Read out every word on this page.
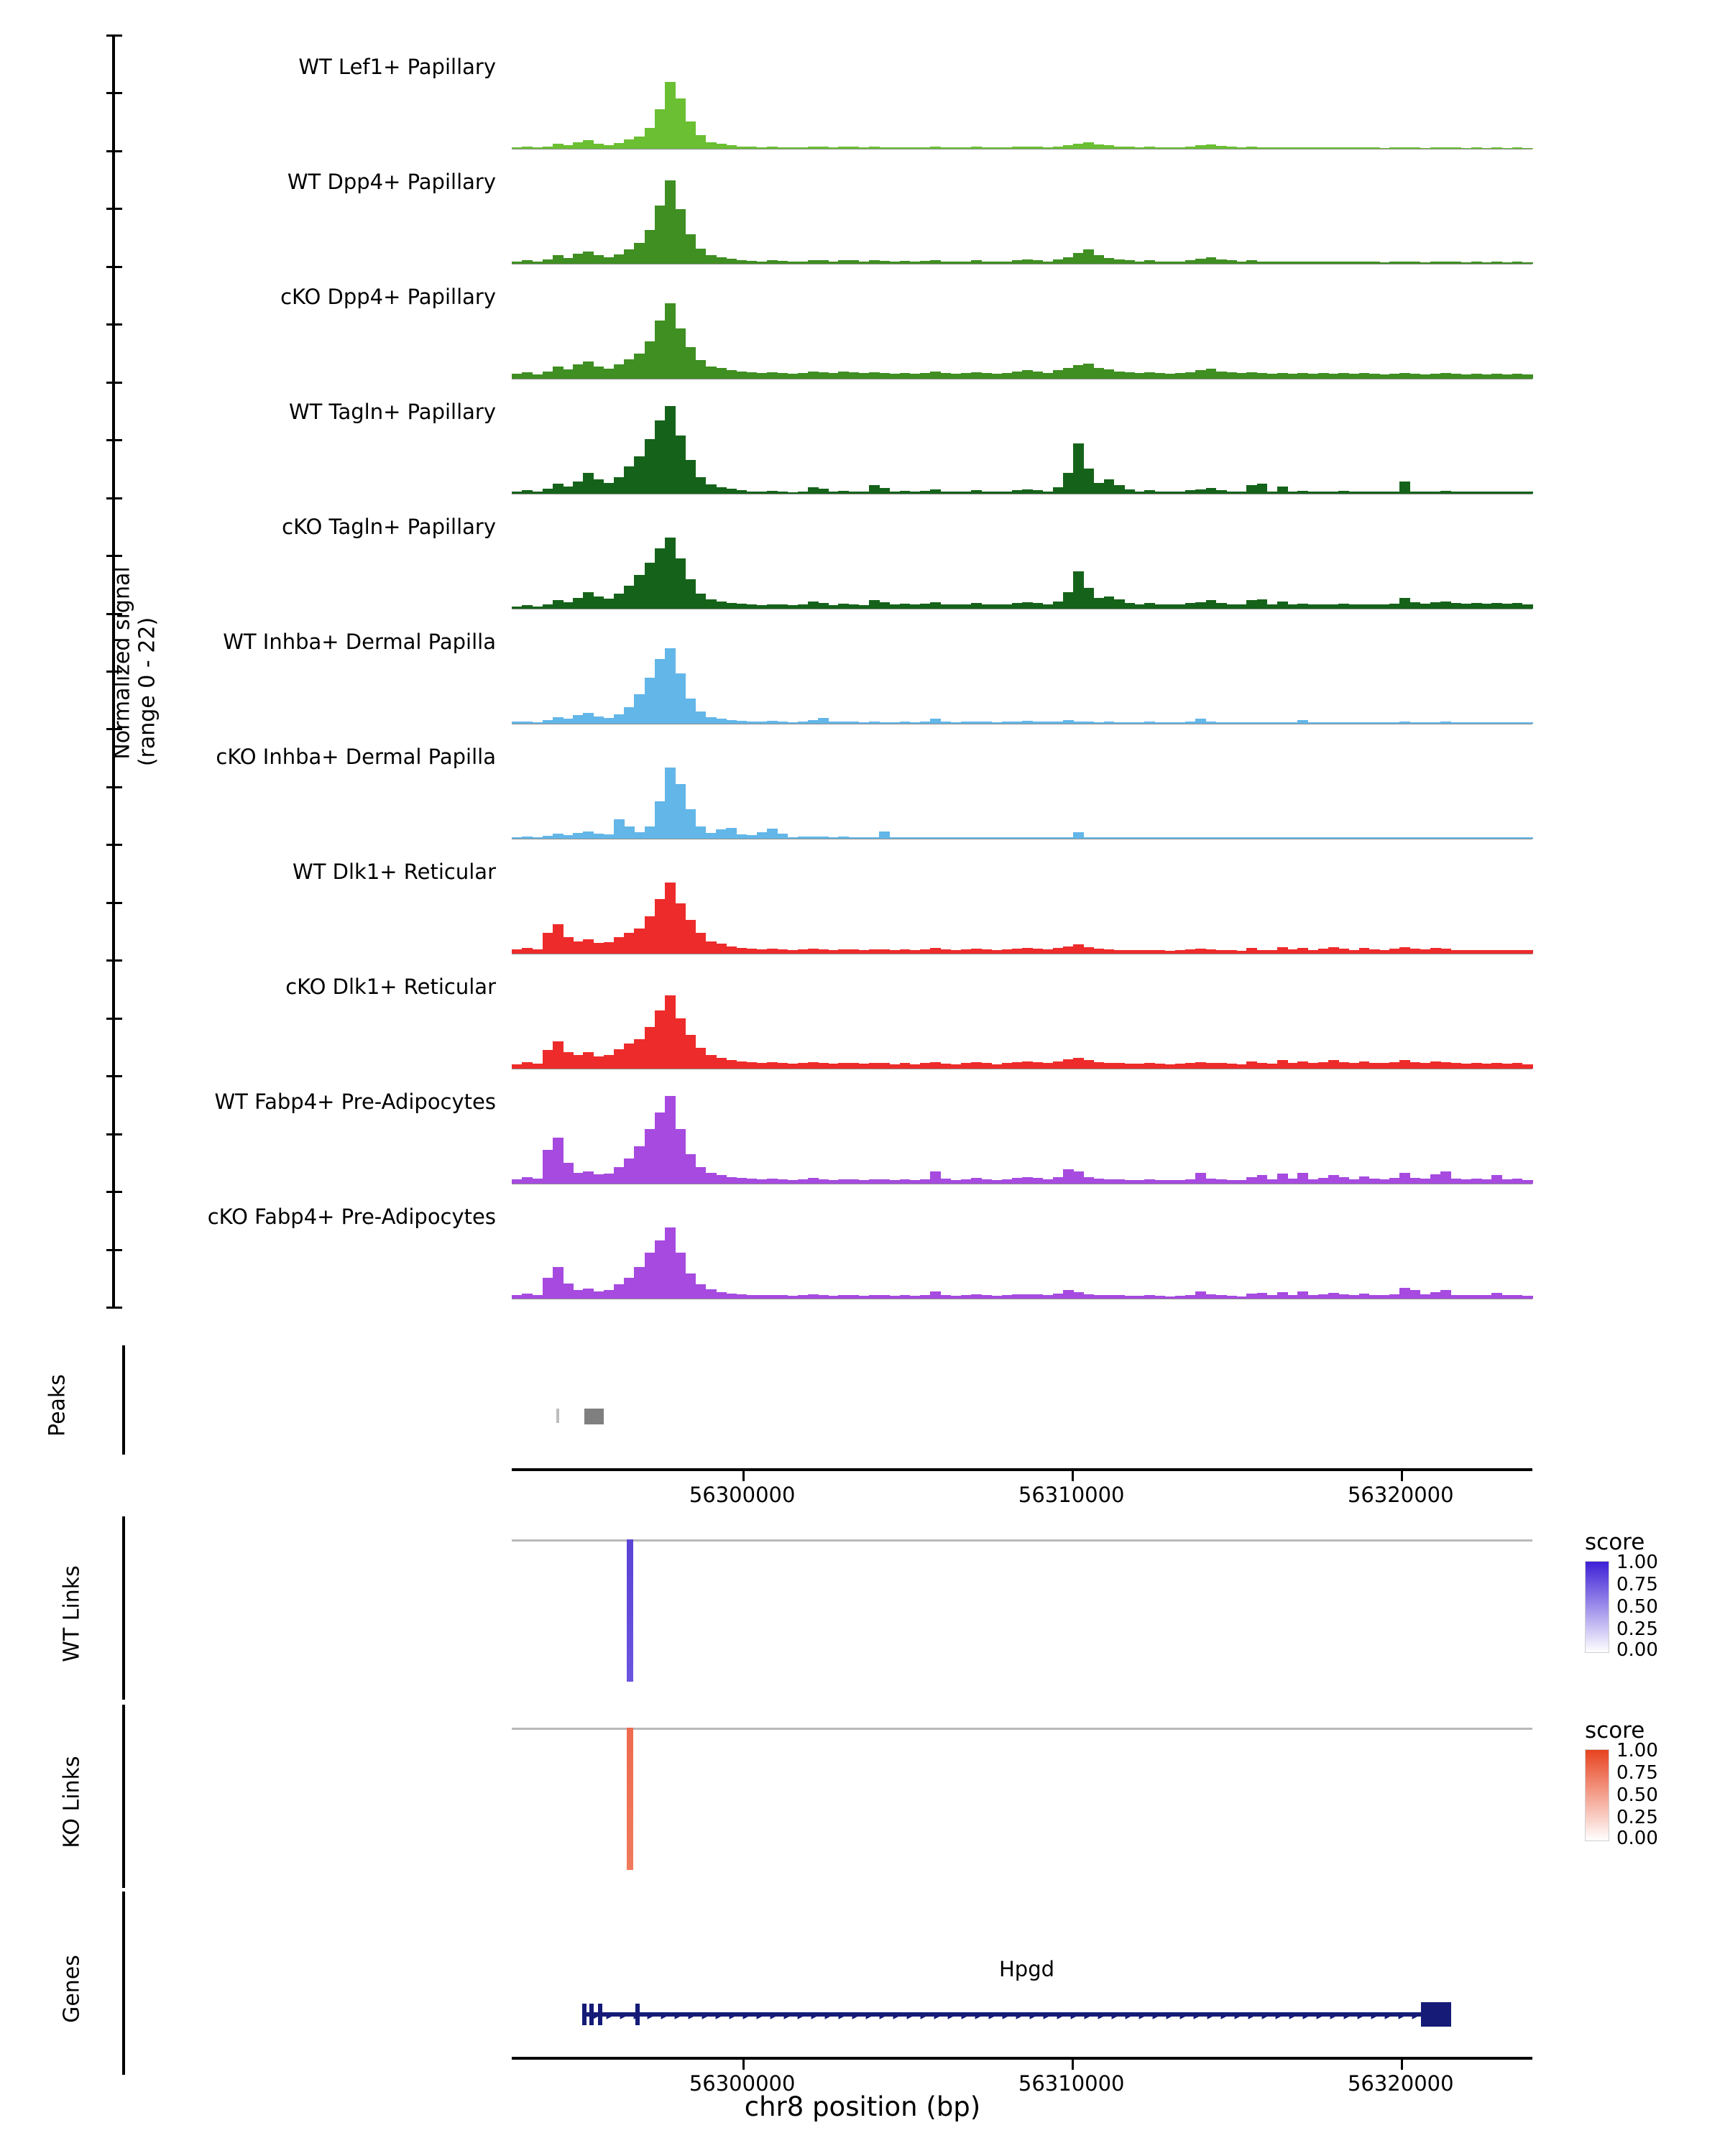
Normalized signal (range 0 - 22)
WT Lef1+ Papillary
WT Dpp4+ Papillary
cKO Dpp4+ Papillary
WT Tagln+ Papillary
cKO Tagln+ Papillary
WT Inhba+ Dermal Papilla
cKO Inhba+ Dermal Papilla
WT Dlk1+ Reticular
cKO Dlk1+ Reticular
WT Fabp4+ Pre-Adipocytes
cKO Fabp4+ Pre-Adipocytes
Peaks
56300000	56310000	56320000
WT Links
score
1.00
0.75
0.50
0.25
0.00
KO Links
score
1.00
0.75
0.50
0.25
0.00
Genes	Hpgd
▸ ▸ ▸ ▸ ▸ ▸ ▸ ▸ ▸ ▸ ▸ ▸ ▸ ▸ ▸ ▸ ▸ ▸ ▸ ▸ ▸ ▸ ▸ ▸ ▸ ▸ ▸ ▸ ▸ ▸ ▸ ▸ ▸ ▸ ▸ ▸ ▸ ▸ ▸ ▸ ▸ ▸ ▸ ▸ ▸ ▸ ▸ ▸ ▸ ▸ ▸ ▸ ▸ ▸ ▸ ▸ ▸ ▸ ▸ ▸ ▸
56300000	56310000	56320000
chr8 position (bp)
